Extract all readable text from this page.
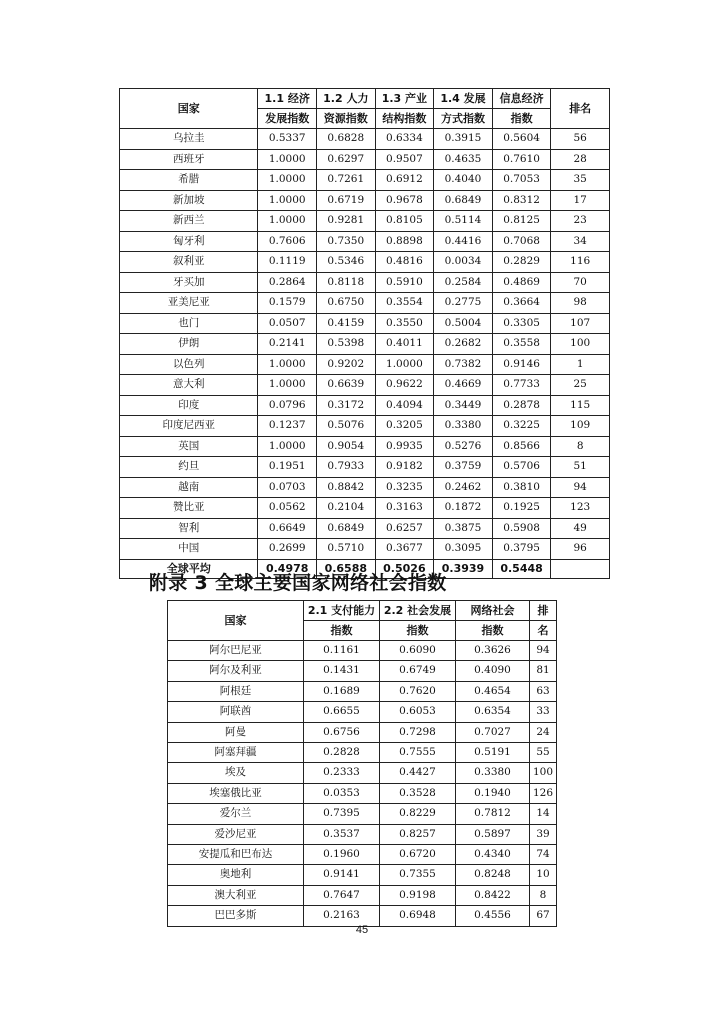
国家	1.1 经济	1.2 人力	1.3 产业	1.4 发展	信息经济	排名
	发展指数	资源指数	结构指数	方式指数	指数	
乌拉圭	0.5337	0.6828	0.6334	0.3915	0.5604	56
西班牙	1.0000	0.6297	0.9507	0.4635	0.7610	28
希腊	1.0000	0.7261	0.6912	0.4040	0.7053	35
新加坡	1.0000	0.6719	0.9678	0.6849	0.8312	17
新西兰	1.0000	0.9281	0.8105	0.5114	0.8125	23
匈牙利	0.7606	0.7350	0.8898	0.4416	0.7068	34
叙利亚	0.1119	0.5346	0.4816	0.0034	0.2829	116
牙买加	0.2864	0.8118	0.5910	0.2584	0.4869	70
亚美尼亚	0.1579	0.6750	0.3554	0.2775	0.3664	98
也门	0.0507	0.4159	0.3550	0.5004	0.3305	107
伊朗	0.2141	0.5398	0.4011	0.2682	0.3558	100
以色列	1.0000	0.9202	1.0000	0.7382	0.9146	1
意大利	1.0000	0.6639	0.9622	0.4669	0.7733	25
印度	0.0796	0.3172	0.4094	0.3449	0.2878	115
印度尼西亚	0.1237	0.5076	0.3205	0.3380	0.3225	109
英国	1.0000	0.9054	0.9935	0.5276	0.8566	8
约旦	0.1951	0.7933	0.9182	0.3759	0.5706	51
越南	0.0703	0.8842	0.3235	0.2462	0.3810	94
赞比亚	0.0562	0.2104	0.3163	0.1872	0.1925	123
智利	0.6649	0.6849	0.6257	0.3875	0.5908	49
中国	0.2699	0.5710	0.3677	0.3095	0.3795	96
全球平均	0.4978	0.6588	0.5026	0.3939	0.5448	
附录 3 全球主要国家网络社会指数
国家	2.1 支付能力	2.2 社会发展	网络社会	排
	指数	指数	指数	名
阿尔巴尼亚	0.1161	0.6090	0.3626	94
阿尔及利亚	0.1431	0.6749	0.4090	81
阿根廷	0.1689	0.7620	0.4654	63
阿联酋	0.6655	0.6053	0.6354	33
阿曼	0.6756	0.7298	0.7027	24
阿塞拜疆	0.2828	0.7555	0.5191	55
埃及	0.2333	0.4427	0.3380	100
埃塞俄比亚	0.0353	0.3528	0.1940	126
爱尔兰	0.7395	0.8229	0.7812	14
爱沙尼亚	0.3537	0.8257	0.5897	39
安提瓜和巴布达	0.1960	0.6720	0.4340	74
奥地利	0.9141	0.7355	0.8248	10
澳大利亚	0.7647	0.9198	0.8422	8
巴巴多斯	0.2163	0.6948	0.4556	67
45
